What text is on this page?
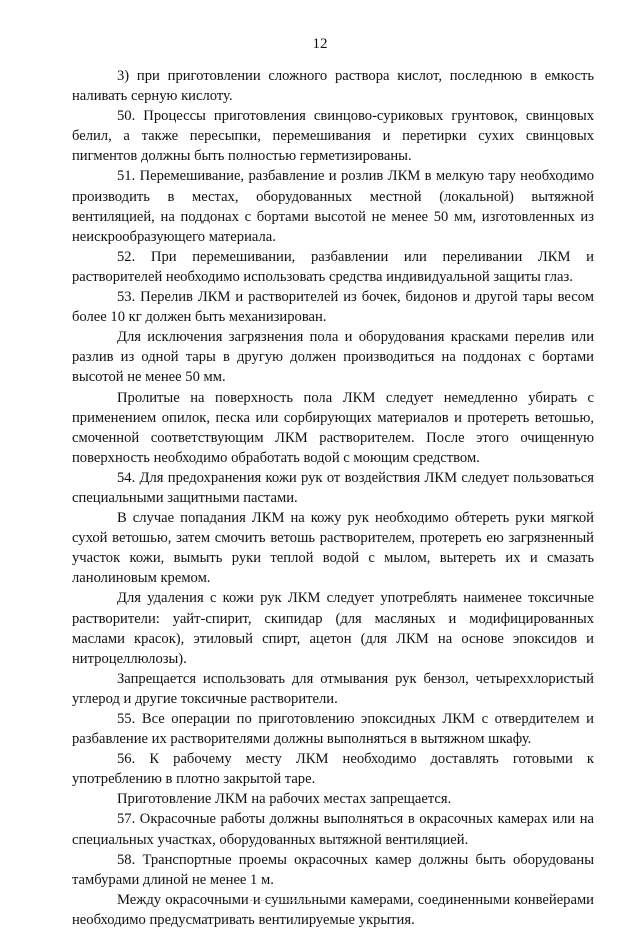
12

3) при приготовлении сложного раствора кислот, последнюю в емкость наливать серную кислоту.

50. Процессы приготовления свинцово-суриковых грунтовок, свинцовых белил, а также пересыпки, перемешивания и перетирки сухих свинцовых пигментов должны быть полностью герметизированы.

51. Перемешивание, разбавление и розлив ЛКМ в мелкую тару необходимо производить в местах, оборудованных местной (локальной) вытяжной вентиляцией, на поддонах с бортами высотой не менее 50 мм, изготовленных из неискрообразующего материала.

52. При перемешивании, разбавлении или переливании ЛКМ и растворителей необходимо использовать средства индивидуальной защиты глаз.

53. Перелив ЛКМ и растворителей из бочек, бидонов и другой тары весом более 10 кг должен быть механизирован.

Для исключения загрязнения пола и оборудования красками перелив или разлив из одной тары в другую должен производиться на поддонах с бортами высотой не менее 50 мм.

Пролитые на поверхность пола ЛКМ следует немедленно убирать с применением опилок, песка или сорбирующих материалов и протереть ветошью, смоченной соответствующим ЛКМ растворителем. После этого очищенную поверхность необходимо обработать водой с моющим средством.

54. Для предохранения кожи рук от воздействия ЛКМ следует пользоваться специальными защитными пастами.

В случае попадания ЛКМ на кожу рук необходимо обтереть руки мягкой сухой ветошью, затем смочить ветошь растворителем, протереть ею загрязненный участок кожи, вымыть руки теплой водой с мылом, вытереть их и смазать ланолиновым кремом.

Для удаления с кожи рук ЛКМ следует употреблять наименее токсичные растворители: уайт-спирит, скипидар (для масляных и модифицированных маслами красок), этиловый спирт, ацетон (для ЛКМ на основе эпоксидов и нитроцеллюлозы).

Запрещается использовать для отмывания рук бензол, четыреххлористый углерод и другие токсичные растворители.

55. Все операции по приготовлению эпоксидных ЛКМ с отвердителем и разбавление их растворителями должны выполняться в вытяжном шкафу.

56. К рабочему месту ЛКМ необходимо доставлять готовыми к употреблению в плотно закрытой таре.

Приготовление ЛКМ на рабочих местах запрещается.

57. Окрасочные работы должны выполняться в окрасочных камерах или на специальных участках, оборудованных вытяжной вентиляцией.

58. Транспортные проемы окрасочных камер должны быть оборудованы тамбурами длиной не менее 1 м.

Между окрасочными и сушильными камерами, соединенными конвейерами необходимо предусматривать вентилируемые укрытия.
